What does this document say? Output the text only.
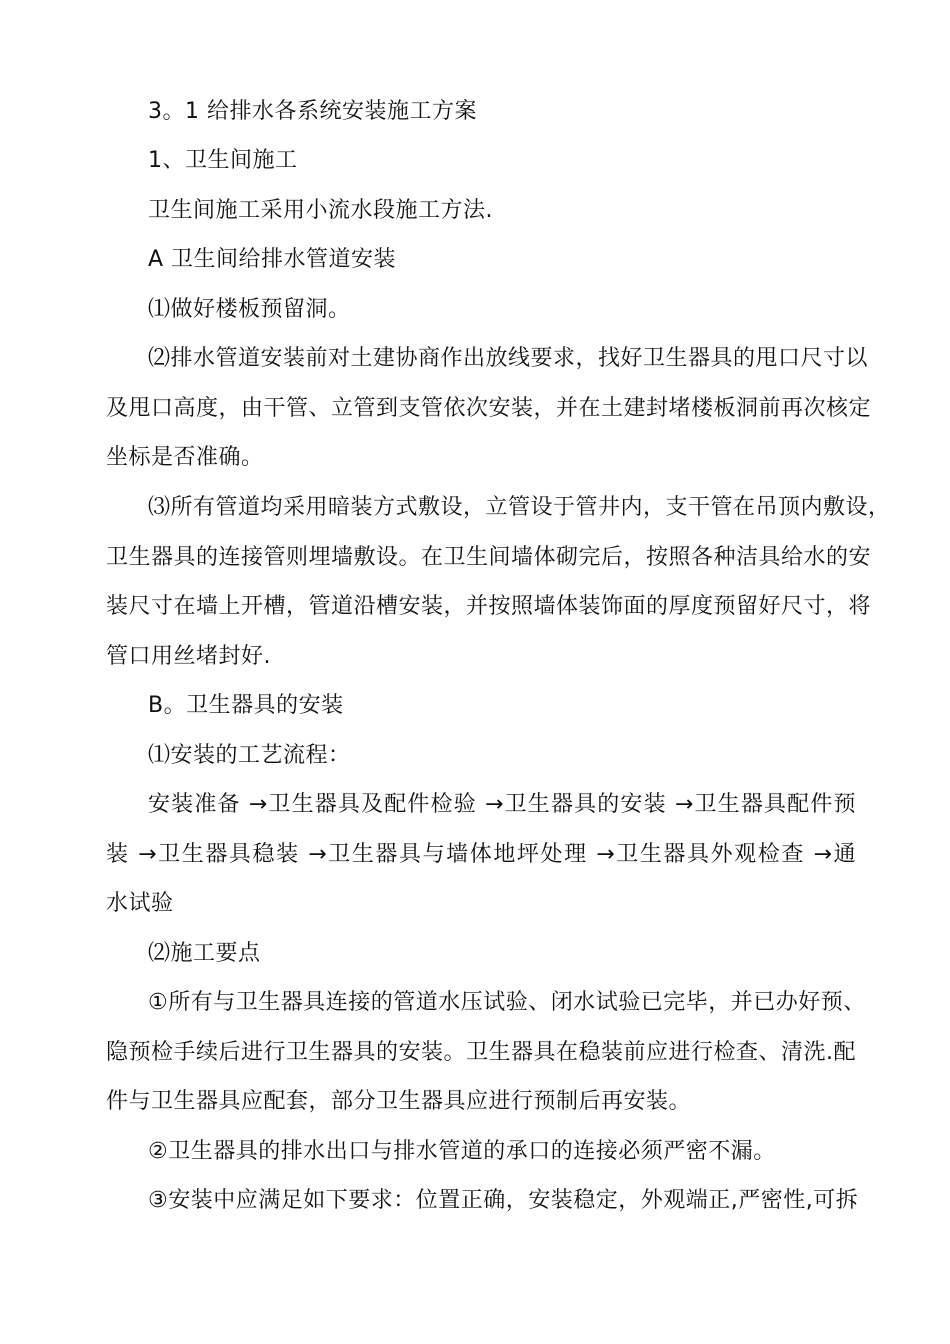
3。1 给排水各系统安装施工方案
1、卫生间施工
卫生间施工采用小流水段施工方法.
A 卫生间给排水管道安装
⑴做好楼板预留洞。
⑵排水管道安装前对土建协商作出放线要求，找好卫生器具的甩口尺寸以
及甩口高度，由干管、立管到支管依次安装，并在土建封堵楼板洞前再次核定
坐标是否准确。
⑶所有管道均采用暗装方式敷设，立管设于管井内，支干管在吊顶内敷设，
卫生器具的连接管则埋墙敷设。在卫生间墙体砌完后，按照各种洁具给水的安
装尺寸在墙上开槽，管道沿槽安装，并按照墙体装饰面的厚度预留好尺寸，将
管口用丝堵封好.
B。卫生器具的安装
⑴安装的工艺流程：
安装准备 →卫生器具及配件检验 →卫生器具的安装 →卫生器具配件预
装 →卫生器具稳装 →卫生器具与墙体地坪处理 →卫生器具外观检查 →通
水试验
⑵施工要点
①所有与卫生器具连接的管道水压试验、闭水试验已完毕，并已办好预、
隐预检手续后进行卫生器具的安装。卫生器具在稳装前应进行检查、清洗.配
件与卫生器具应配套，部分卫生器具应进行预制后再安装。
②卫生器具的排水出口与排水管道的承口的连接必须严密不漏。
③安装中应满足如下要求：位置正确，安装稳定，外观端正,严密性,可拆
